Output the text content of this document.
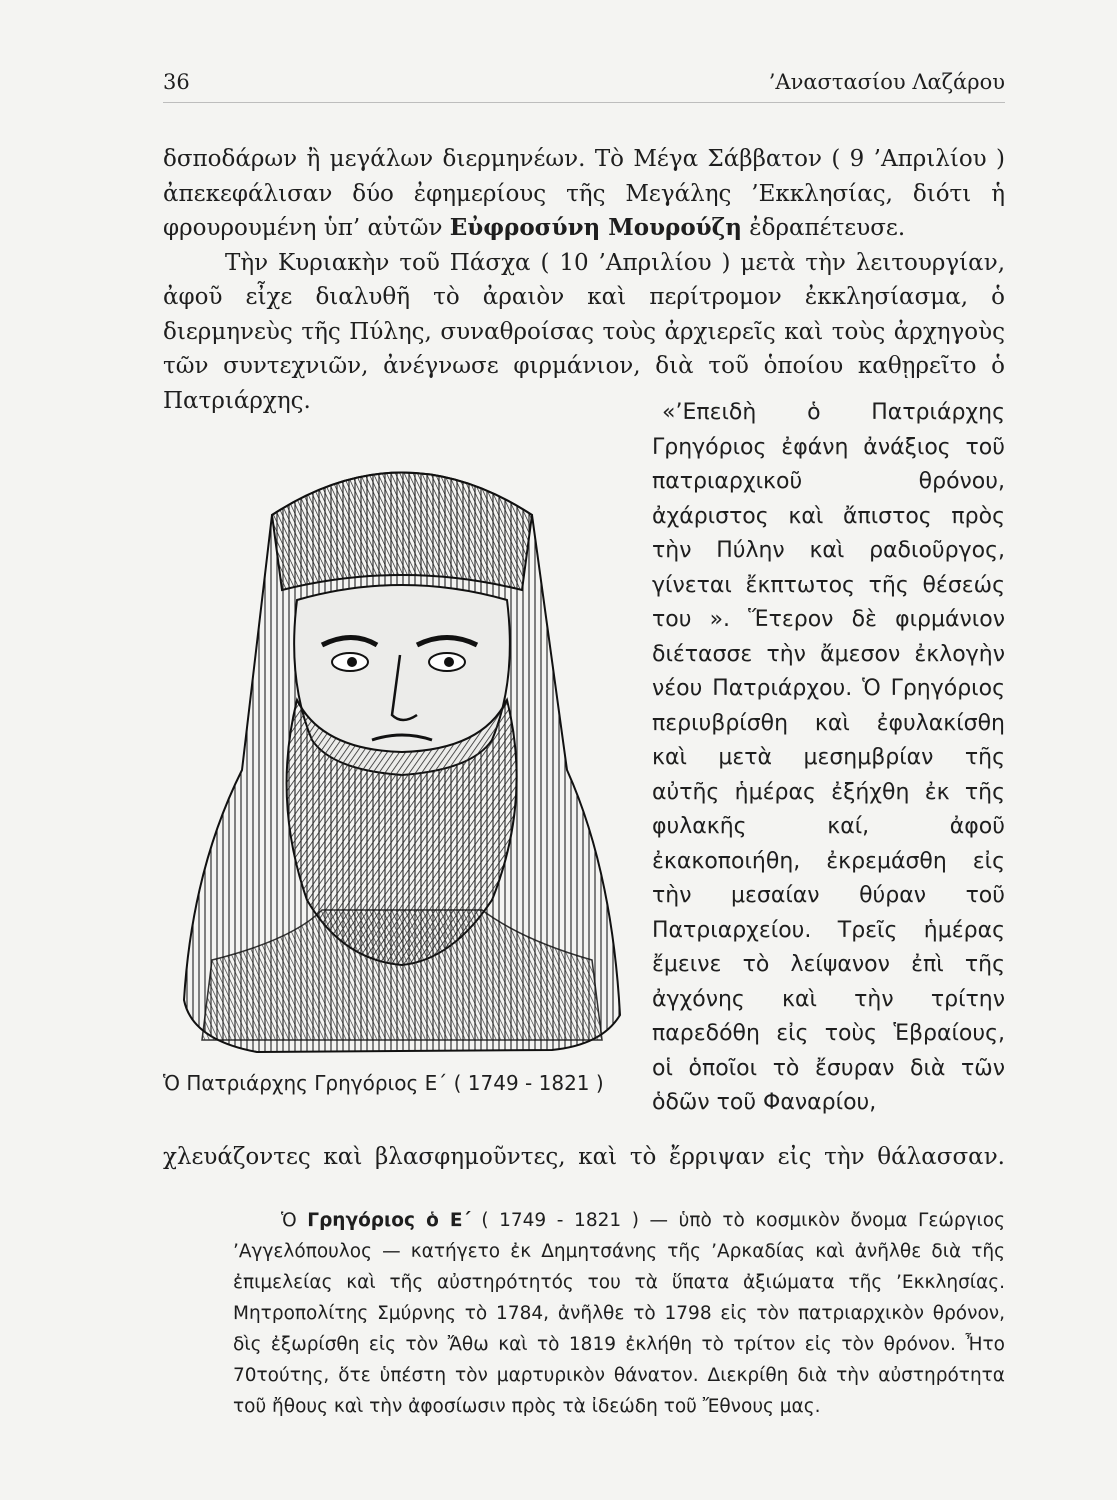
36	’Αναστασίου Λαζάρου

δσποδάρων ἢ μεγάλων διερμηνέων. Τὸ Μέγα Σάββατον ( 9 ’Απριλίου ) ἀπεκεφάλισαν δύο ἐφημερίους τῆς Μεγάλης ’Εκκλησίας, διότι ἡ φρουρουμένη ὑπ’ αὐτῶν Εὐφροσύνη Μουρούζη ἐδραπέτευσε.

Τὴν Κυριακὴν τοῦ Πάσχα ( 10 ’Απριλίου ) μετὰ τὴν λειτουργίαν, ἀφοῦ εἶχε διαλυθῆ τὸ ἀραιὸν καὶ περίτρομον ἐκκλησίασμα, ὁ διερμηνεὺς τῆς Πύλης, συναθροίσας τοὺς ἀρχιερεῖς καὶ τοὺς ἀρχηγοὺς τῶν συντεχνιῶν, ἀνέγνωσε φιρμάνιον, διὰ τοῦ ὁποίου καθῃρεῖτο ὁ Πατριάρχης.	«’Επειδὴ ὁ Πατριάρχης Γρηγόριος ἐφάνη ἀνάξιος τοῦ πατριαρχικοῦ θρόνου, ἀχάριστος καὶ ἄπιστος πρὸς τὴν Πύλην καὶ ραδιοῦργος, γίνεται ἔκπτωτος τῆς θέσεώς του ». Ἕτερον δὲ φιρμάνιον διέτασσε τὴν ἄμεσον ἐκλογὴν νέου Πατριάρχου. Ὁ Γρηγόριος περιυβρίσθη καὶ ἐφυλακίσθη καὶ μετὰ μεσημβρίαν τῆς αὐτῆς ἡμέρας ἐξήχθη ἐκ τῆς φυλακῆς καί, ἀφοῦ ἐκακοποιήθη, ἐκρεμάσθη εἰς τὴν μεσαίαν θύραν τοῦ Πατριαρχείου. Τρεῖς ἡμέρας ἔμεινε τὸ λείψανον ἐπὶ τῆς ἀγχόνης καὶ τὴν τρίτην παρεδόθη εἰς τοὺς Ἑβραίους, οἱ ὁποῖοι τὸ ἔσυραν διὰ τῶν ὁδῶν τοῦ Φαναρίου,

Ὁ Πατριάρχης Γρηγόριος Ε΄ ( 1749 - 1821 )
χλευάζοντες καὶ βλασφημοῦντες, καὶ τὸ ἔρριψαν εἰς τὴν θάλασσαν.

Ὁ Γρηγόριος ὁ Ε΄ ( 1749 - 1821 ) — ὑπὸ τὸ κοσμικὸν ὄνομα Γεώργιος ’Αγγελόπουλος — κατήγετο ἐκ Δημητσάνης τῆς ’Αρκαδίας καὶ ἀνῆλθε διὰ τῆς ἐπιμελείας καὶ τῆς αὐστηρότητός του τὰ ὕπατα ἀξιώματα τῆς ’Εκκλησίας. Μητροπολίτης Σμύρνης τὸ 1784, ἀνῆλθε τὸ 1798 εἰς τὸν πατριαρχικὸν θρόνον, δὶς ἐξωρίσθη εἰς τὸν Ἄθω καὶ τὸ 1819 ἐκλήθη τὸ τρίτον εἰς τὸν θρόνον. Ἦτο 70τούτης, ὅτε ὑπέστη τὸν μαρτυρικὸν θάνατον. Διεκρίθη διὰ τὴν αὐστηρότητα τοῦ ἤθους καὶ τὴν ἀφοσίωσιν πρὸς τὰ ἰδεώδη τοῦ Ἔθνους μας.
